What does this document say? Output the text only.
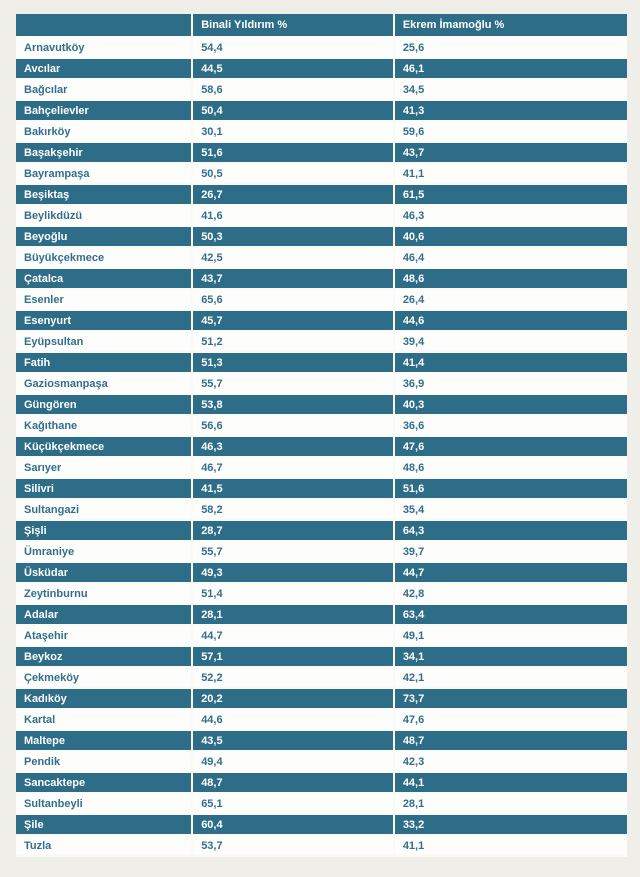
	Binali Yıldırım %	Ekrem İmamoğlu %
Arnavutköy	54,4	25,6
Avcılar	44,5	46,1
Bağcılar	58,6	34,5
Bahçelievler	50,4	41,3
Bakırköy	30,1	59,6
Başakşehir	51,6	43,7
Bayrampaşa	50,5	41,1
Beşiktaş	26,7	61,5
Beylikdüzü	41,6	46,3
Beyoğlu	50,3	40,6
Büyükçekmece	42,5	46,4
Çatalca	43,7	48,6
Esenler	65,6	26,4
Esenyurt	45,7	44,6
Eyüpsultan	51,2	39,4
Fatih	51,3	41,4
Gaziosmanpaşa	55,7	36,9
Güngören	53,8	40,3
Kağıthane	56,6	36,6
Küçükçekmece	46,3	47,6
Sarıyer	46,7	48,6
Silivri	41,5	51,6
Sultangazi	58,2	35,4
Şişli	28,7	64,3
Ümraniye	55,7	39,7
Üsküdar	49,3	44,7
Zeytinburnu	51,4	42,8
Adalar	28,1	63,4
Ataşehir	44,7	49,1
Beykoz	57,1	34,1
Çekmeköy	52,2	42,1
Kadıköy	20,2	73,7
Kartal	44,6	47,6
Maltepe	43,5	48,7
Pendik	49,4	42,3
Sancaktepe	48,7	44,1
Sultanbeyli	65,1	28,1
Şile	60,4	33,2
Tuzla	53,7	41,1
